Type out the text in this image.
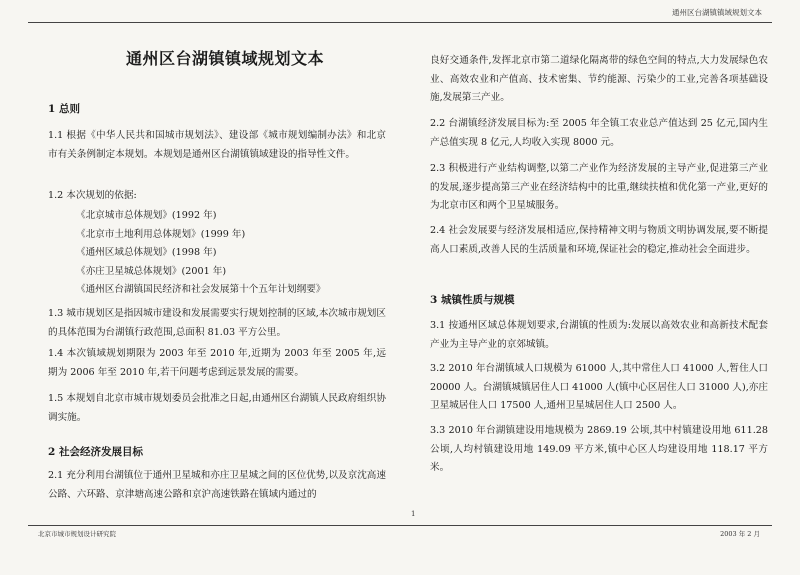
通州区台湖镇镇域规划文本
通州区台湖镇镇域规划文本
1 总则
1.1 根据《中华人民共和国城市规划法》、建设部《城市规划编制办法》和北京市有关条例制定本规划。本规划是通州区台湖镇镇域建设的指导性文件。
1.2 本次规划的依据:
《北京城市总体规划》(1992 年)
《北京市土地利用总体规划》(1999 年)
《通州区域总体规划》(1998 年)
《亦庄卫星城总体规划》(2001 年)
《通州区台湖镇国民经济和社会发展第十个五年计划纲要》
1.3 城市规划区是指因城市建设和发展需要实行规划控制的区域,本次城市规划区的具体范围为台湖镇行政范围,总面积 81.03 平方公里。
1.4 本次镇域规划期限为 2003 年至 2010 年,近期为 2003 年至 2005 年,远期为 2006 年至 2010 年,若干问题考虑到远景发展的需要。
1.5 本规划自北京市城市规划委员会批准之日起,由通州区台湖镇人民政府组织协调实施。
2 社会经济发展目标
2.1 充分利用台湖镇位于通州卫星城和亦庄卫星城之间的区位优势,以及京沈高速公路、六环路、京津塘高速公路和京沪高速铁路在镇域内通过的
良好交通条件,发挥北京市第二道绿化隔离带的绿色空间的特点,大力发展绿色农业、高效农业和产值高、技术密集、节约能源、污染少的工业,完善各项基础设施,发展第三产业。
2.2 台湖镇经济发展目标为:至 2005 年全镇工农业总产值达到 25 亿元,国内生产总值实现 8 亿元,人均收入实现 8000 元。
2.3 积极进行产业结构调整,以第二产业作为经济发展的主导产业,促进第三产业的发展,逐步提高第三产业在经济结构中的比重,继续扶植和优化第一产业,更好的为北京市区和两个卫星城服务。
2.4 社会发展要与经济发展相适应,保持精神文明与物质文明协调发展,要不断提高人口素质,改善人民的生活质量和环境,保证社会的稳定,推动社会全面进步。
3 城镇性质与规模
3.1 按通州区域总体规划要求,台湖镇的性质为:发展以高效农业和高新技术配套产业为主导产业的京郊城镇。
3.2 2010 年台湖镇域人口规模为 61000 人,其中常住人口 41000 人,暂住人口 20000 人。台湖镇城镇居住人口 41000 人(镇中心区居住人口 31000 人),亦庄卫星城居住人口 17500 人,通州卫星城居住人口 2500 人。
3.3 2010 年台湖镇建设用地规模为 2869.19 公顷,其中村镇建设用地 611.28 公顷,人均村镇建设用地 149.09 平方米,镇中心区人均建设用地 118.17 平方米。
1
北京市城市规划设计研究院	2003 年 2 月
